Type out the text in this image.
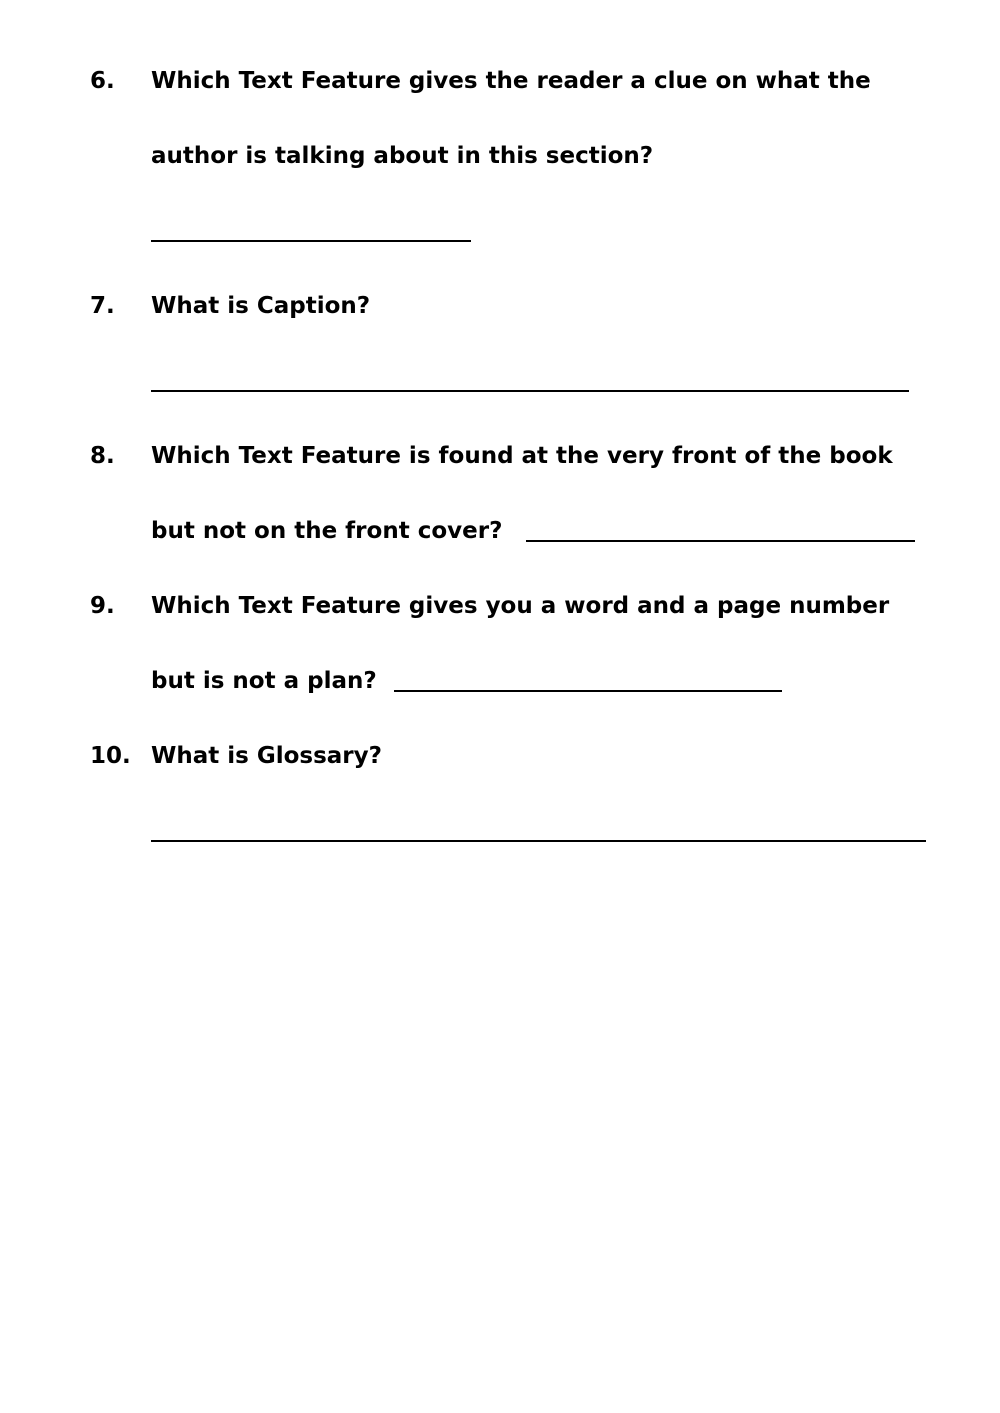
6. Which Text Feature gives the reader a clue on what the
author is talking about in this section?
7. What is Caption?
8. Which Text Feature is found at the very front of the book
but not on the front cover?
9. Which Text Feature gives you a word and a page number
but is not a plan?
10. What is Glossary?
